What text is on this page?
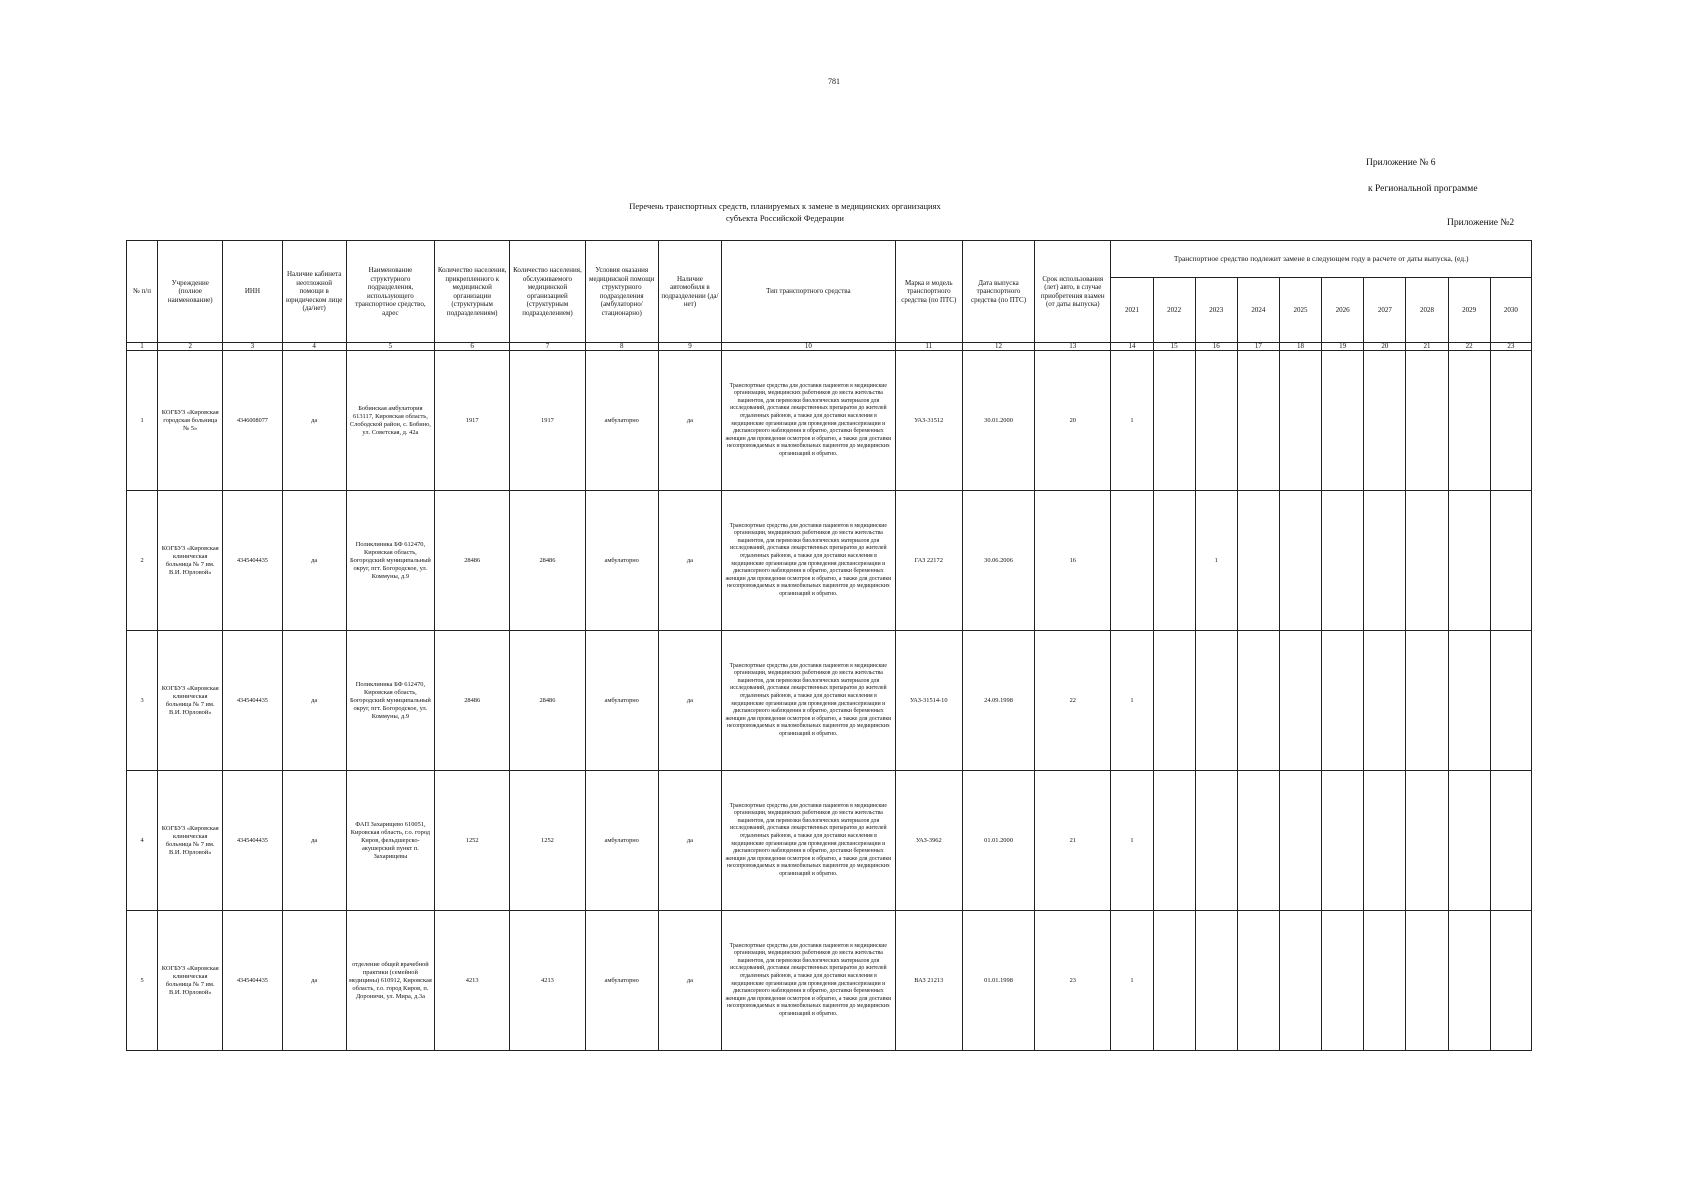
781
Приложение № 6
к Региональной программе
Приложение №2
Перечень транспортных средств, планируемых к замене в медицинских организациях
субъекта Российской Федерации
№ п/п	Учреждение (полное наименование)	ИНН	Наличие кабинета неотложной помощи в юридическом лице (да/нет)	Наименование структурного подразделения, использующего транспортное средство, адрес	Количество населения, прикрепленного к медицинской организации (структурным подразделениям)	Количество населения, обслуживаемого медицинской организацией (структурным подразделением)	Условия оказания медицинской помощи структурного подразделения (амбулаторно/стационарно)	Наличие автомобиля в подразделении (да/нет)	Тип транспортного средства	Марка и модель транспортного средства (по ПТС)	Дата выпуска транспортного средства (по ПТС)	Срок использования (лет) авто, в случае приобретения взамен (от даты выпуска)	Транспортное средство подлежит замене в следующем году в расчете от даты выпуска, (ед.)									
													2021	2022	2023	2024	2025	2026	2027	2028	2029	2030
1	2	3	4	5	6	7	8	9	10	11	12	13	14	15	16	17	18	19	20	21	22	23
1	КОГБУЗ «Кировская городская больница № 5»	4346008077	да	Бобинская амбулатория 613117, Кировская область, Слободской район, с. Бобино, ул. Советская, д. 42а	1917	1917	амбулаторно	да	Транспортные средства для доставки пациентов в медицинские организации, медицинских работников до места жительства пациентов, для перевозки биологических материалов для исследований, доставки лекарственных препаратов до жителей отдаленных районов, а также для доставки населения в медицинские организации для проведения диспансеризации и диспансерного наблюдения и обратно, доставки беременных женщин для проведения осмотров и обратно, а также для доставки несопровождаемых и маломобильных пациентов до медицинских организаций и обратно.	УАЗ-31512	30.01.2000	20	1									
2	КОГБУЗ «Кировская клиническая больница № 7 им. В.И. Юрловой»	4345404435	да	Поликлиника БФ 612470, Кировская область, Богородский муниципальный округ, пгт. Богородское, ул. Коммуны, д.9	28486	28486	амбулаторно	да	Транспортные средства для доставки пациентов в медицинские организации, медицинских работников до места жительства пациентов, для перевозки биологических материалов для исследований, доставки лекарственных препаратов до жителей отдаленных районов, а также для доставки населения в медицинские организации для проведения диспансеризации и диспансерного наблюдения и обратно, доставки беременных женщин для проведения осмотров и обратно, а также для доставки несопровождаемых и маломобильных пациентов до медицинских организаций и обратно.	ГАЗ 22172	30.06.2006	16			1							
3	КОГБУЗ «Кировская клиническая больница № 7 им. В.И. Юрловой»	4345404435	да	Поликлиника БФ 612470, Кировская область, Богородский муниципальный округ, пгт. Богородское, ул. Коммуны, д.9	28486	28486	амбулаторно	да	Транспортные средства для доставки пациентов в медицинские организации, медицинских работников до места жительства пациентов, для перевозки биологических материалов для исследований, доставки лекарственных препаратов до жителей отдаленных районов, а также для доставки населения в медицинские организации для проведения диспансеризации и диспансерного наблюдения и обратно, доставки беременных женщин для проведения осмотров и обратно, а также для доставки несопровождаемых и маломобильных пациентов до медицинских организаций и обратно.	УАЗ-31514-10	24.09.1998	22	1									
4	КОГБУЗ «Кировская клиническая больница № 7 им. В.И. Юрловой»	4345404435	да	ФАП Захарищево 610051, Кировская область, г.о. город Киров, фельдшерско-акушерский пункт п. Захарищевы	1252	1252	амбулаторно	да	Транспортные средства для доставки пациентов в медицинские организации, медицинских работников до места жительства пациентов, для перевозки биологических материалов для исследований, доставки лекарственных препаратов до жителей отдаленных районов, а также для доставки населения в медицинские организации для проведения диспансеризации и диспансерного наблюдения и обратно, доставки беременных женщин для проведения осмотров и обратно, а также для доставки несопровождаемых и маломобильных пациентов до медицинских организаций и обратно.	УАЗ-3962	01.01.2000	21	1									
5	КОГБУЗ «Кировская клиническая больница № 7 им. В.И. Юрловой»	4345404435	да	отделение общей врачебной практики (семейной медицины) 610912, Кировская область, г.о. город Киров, п. Дороничи, ул. Мира, д.3а	4213	4213	амбулаторно	да	Транспортные средства для доставки пациентов в медицинские организации, медицинских работников до места жительства пациентов, для перевозки биологических материалов для исследований, доставки лекарственных препаратов до жителей отдаленных районов, а также для доставки населения в медицинские организации для проведения диспансеризации и диспансерного наблюдения и обратно, доставки беременных женщин для проведения осмотров и обратно, а также для доставки несопровождаемых и маломобильных пациентов до медицинских организаций и обратно.	ВАЗ 21213	01.01.1998	23	1									
